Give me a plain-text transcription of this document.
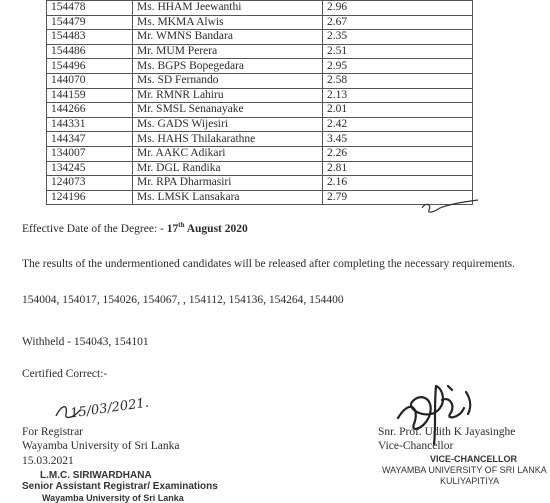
154478	Ms. HHAM Jeewanthi	2.96
154479	Ms. MKMA Alwis	2.67
154483	Mr. WMNS Bandara	2.35
154486	Mr. MUM Perera	2.51
154496	Ms. BGPS Bopegedara	2.95
144070	Ms. SD Fernando	2.58
144159	Mr. RMNR Lahiru	2.13
144266	Mr. SMSL Senanayake	2.01
144331	Ms. GADS Wijesiri	2.42
144347	Ms. HAHS Thilakarathne	3.45
134007	Mr. AAKC Adikari	2.26
134245	Mr. DGL Randika	2.81
124073	Mr. RPA Dharmasiri	2.16
124196	Ms. LMSK Lansakara	2.79
Effective Date of the Degree: - 17th August 2020
The results of the undermentioned candidates will be released after completing the necessary requirements.
154004, 154017, 154026, 154067, , 154112, 154136, 154264, 154400
Withheld - 154043, 154101
Certified Correct:-
15/03/2021.
For Registrar
Wayamba University of Sri Lanka
15.03.2021
L.M.C. SIRIWARDHANA
Senior Assistant Registrar/ Examinations
Wayamba University of Sri Lanka
Snr. Prof. Udith K Jayasinghe
Vice-Chancellor
VICE-CHANCELLOR
WAYAMBA UNIVERSITY OF SRI LANKA
KULIYAPITIYA
